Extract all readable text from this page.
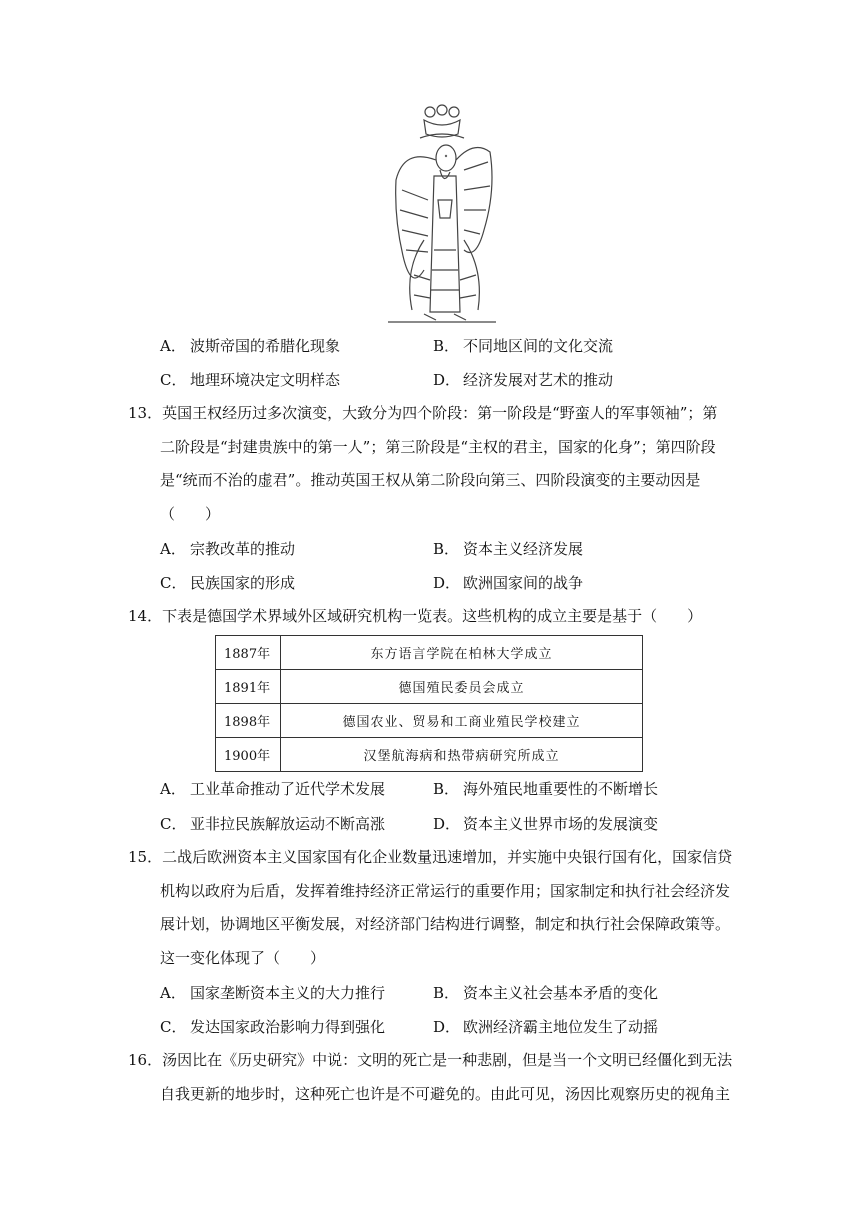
A． 波斯帝国的希腊化现象	B． 不同地区间的文化交流
C． 地理环境决定文明样态	D． 经济发展对艺术的推动
13．英国王权经历过多次演变，大致分为四个阶段：第一阶段是“野蛮人的军事领袖”；第
二阶段是“封建贵族中的第一人”；第三阶段是“主权的君主，国家的化身”；第四阶段
是“统而不治的虚君”。推动英国王权从第二阶段向第三、四阶段演变的主要动因是
（　　）
A． 宗教改革的推动	B． 资本主义经济发展
C． 民族国家的形成	D． 欧洲国家间的战争
14．下表是德国学术界域外区域研究机构一览表。这些机构的成立主要是基于（　　）
1887年	东方语言学院在柏林大学成立
1891年	德国殖民委员会成立
1898年	德国农业、贸易和工商业殖民学校建立
1900年	汉堡航海病和热带病研究所成立
A． 工业革命推动了近代学术发展	B． 海外殖民地重要性的不断增长
C． 亚非拉民族解放运动不断高涨	D． 资本主义世界市场的发展演变
15．二战后欧洲资本主义国家国有化企业数量迅速增加，并实施中央银行国有化，国家信贷
机构以政府为后盾，发挥着维持经济正常运行的重要作用；国家制定和执行社会经济发
展计划，协调地区平衡发展，对经济部门结构进行调整，制定和执行社会保障政策等。
这一变化体现了（　　）
A． 国家垄断资本主义的大力推行	B． 资本主义社会基本矛盾的变化
C． 发达国家政治影响力得到强化	D． 欧洲经济霸主地位发生了动摇
16．汤因比在《历史研究》中说：文明的死亡是一种悲剧，但是当一个文明已经僵化到无法
自我更新的地步时，这种死亡也许是不可避免的。由此可见，汤因比观察历史的视角主
